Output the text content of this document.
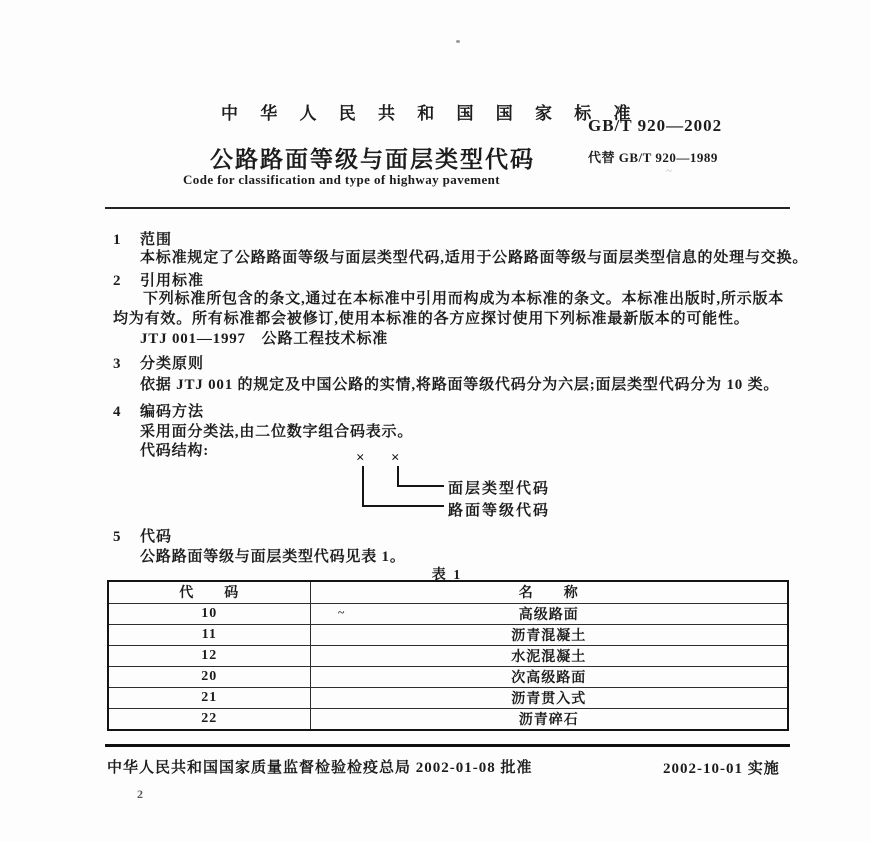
~
中 华 人 民 共 和 国 国 家 标 准
GB/T 920—2002
公路路面等级与面层类型代码	代替 GB/T 920—1989
Code for classification and type of highway pavement
1 范围
本标准规定了公路路面等级与面层类型代码,适用于公路路面等级与面层类型信息的处理与交换。
2 引用标准
下列标准所包含的条文,通过在本标准中引用而构成为本标准的条文。本标准出版时,所示版本均为有效。所有标准都会被修订,使用本标准的各方应探讨使用下列标准最新版本的可能性。
JTJ 001—1997　公路工程技术标准
3 分类原则
依据 JTJ 001 的规定及中国公路的实情,将路面等级代码分为六层;面层类型代码分为 10 类。
4 编码方法
采用面分类法,由二位数字组合码表示。
代码结构:	× ×
面层类型代码
路面等级代码
5 代码
公路路面等级与面层类型代码见表 1。
表 1
代　　码	名　　称
10	高级路面
11	沥青混凝土
12	水泥混凝土
20	次高级路面
21	沥青贯入式
22	沥青碎石
~
中华人民共和国国家质量监督检验检疫总局 2002-01-08 批准	2002-10-01 实施
2
